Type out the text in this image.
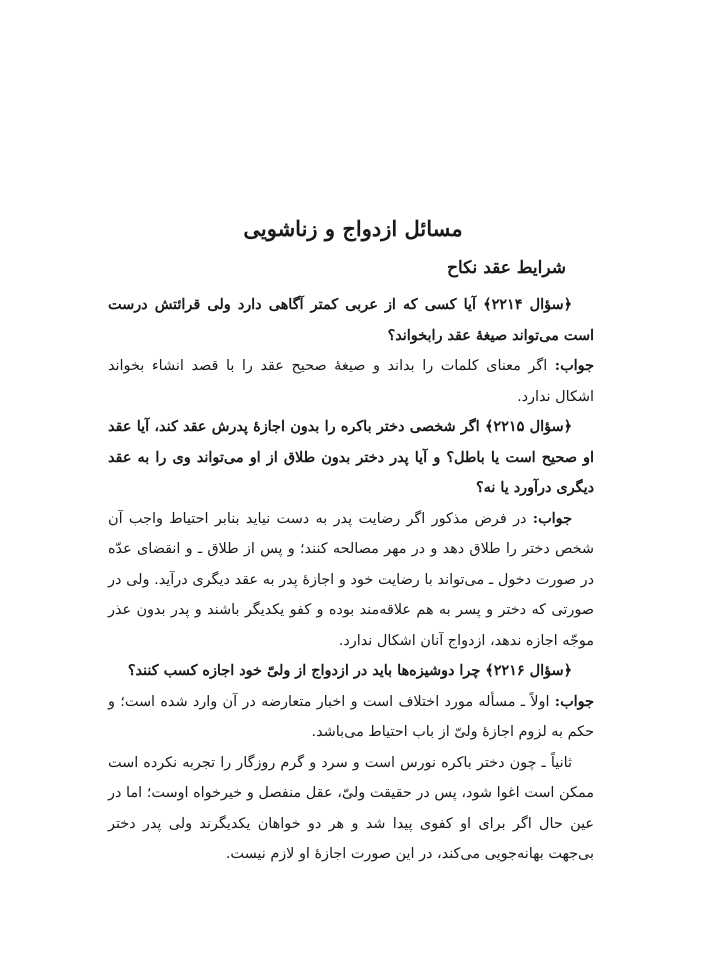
مسائل ازدواج و زناشویی
شرایط عقد نکاح

﴿سؤال ۲۲۱۴﴾ آیا کسی که از عربی کمتر آگاهی دارد ولی قرائتش درست است می‌تواند صیغهٔ عقد رابخواند؟

جواب: اگر معنای کلمات را بداند و صیغهٔ صحیح عقد را با قصد انشاء بخواند اشکال ندارد.

﴿سؤال ۲۲۱۵﴾ اگر شخصی دختر باکره را بدون اجازهٔ پدرش عقد کند، آیا عقد او صحیح است یا باطل؟ و آیا پدر دختر بدون طلاق از او می‌تواند وی را به عقد دیگری درآورد یا نه؟

جواب: در فرض مذکور اگر رضایت پدر به دست نیاید بنابر احتیاط واجب آن شخص دختر را طلاق دهد و در مهر مصالحه کنند؛ و پس از طلاق ـ و انقضای عدّه در صورت دخول ـ می‌تواند با رضایت خود و اجازهٔ پدر به عقد دیگری درآید. ولی در صورتی که دختر و پسر به هم علاقه‌مند بوده و کفو یکدیگر باشند و پدر بدون عذر موجّه اجازه ندهد، ازدواج آنان اشکال ندارد.

﴿سؤال ۲۲۱۶﴾ چرا دوشیزه‌ها باید در ازدواج از ولیّ خود اجازه کسب کنند؟

جواب: اولاً ـ مسأله مورد اختلاف است و اخبار متعارضه در آن وارد شده است؛ و حکم به لزوم اجازهٔ ولیّ از باب احتیاط می‌باشد.

ثانیاً ـ چون دختر باکره نورس است و سرد و گرم روزگار را تجربه نکرده است ممکن است اغوا شود، پس در حقیقت ولیّ، عقل منفصل و خیرخواه اوست؛ اما در عین حال اگر برای او کفوی پیدا شد و هر دو خواهان یکدیگرند ولی پدر دختر بی‌جهت بهانه‌جویی می‌کند، در این صورت اجازهٔ او لازم نیست.
